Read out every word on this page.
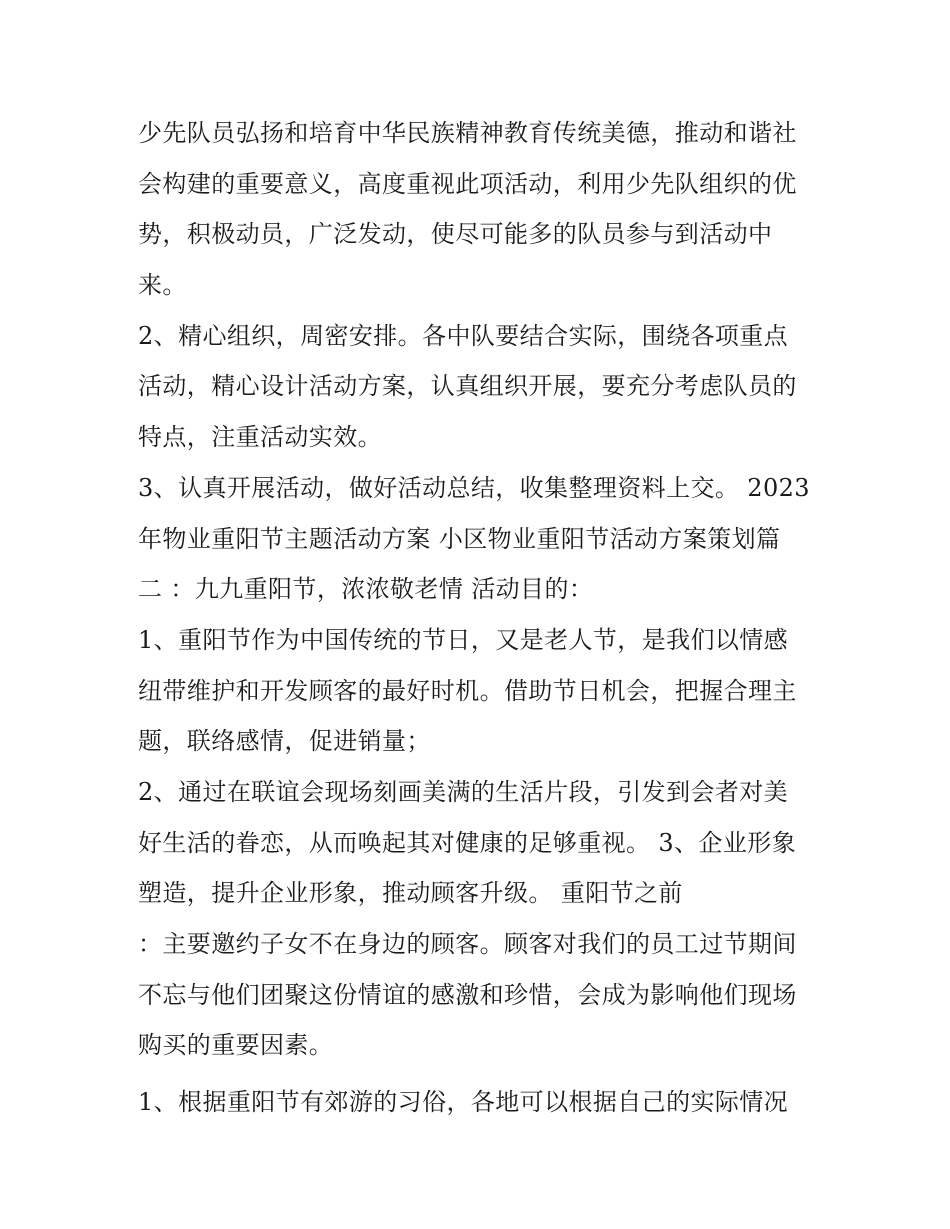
少先队员弘扬和培育中华民族精神教育传统美德，推动和谐社
会构建的重要意义，高度重视此项活动，利用少先队组织的优
势，积极动员，广泛发动，使尽可能多的队员参与到活动中
来。
2、精心组织，周密安排。各中队要结合实际，围绕各项重点
活动，精心设计活动方案，认真组织开展，要充分考虑队员的
特点，注重活动实效。
3、认真开展活动，做好活动总结，收集整理资料上交。 2023
年物业重阳节主题活动方案 小区物业重阳节活动方案策划篇
二 ：九九重阳节，浓浓敬老情 活动目的：
1、重阳节作为中国传统的节日，又是老人节，是我们以情感
纽带维护和开发顾客的最好时机。借助节日机会，把握合理主
题，联络感情，促进销量；
2、通过在联谊会现场刻画美满的生活片段，引发到会者对美
好生活的眷恋，从而唤起其对健康的足够重视。 3、企业形象
塑造，提升企业形象，推动顾客升级。 重阳节之前
：主要邀约子女不在身边的顾客。顾客对我们的员工过节期间
不忘与他们团聚这份情谊的感激和珍惜，会成为影响他们现场
购买的重要因素。
1、根据重阳节有郊游的习俗，各地可以根据自己的实际情况
